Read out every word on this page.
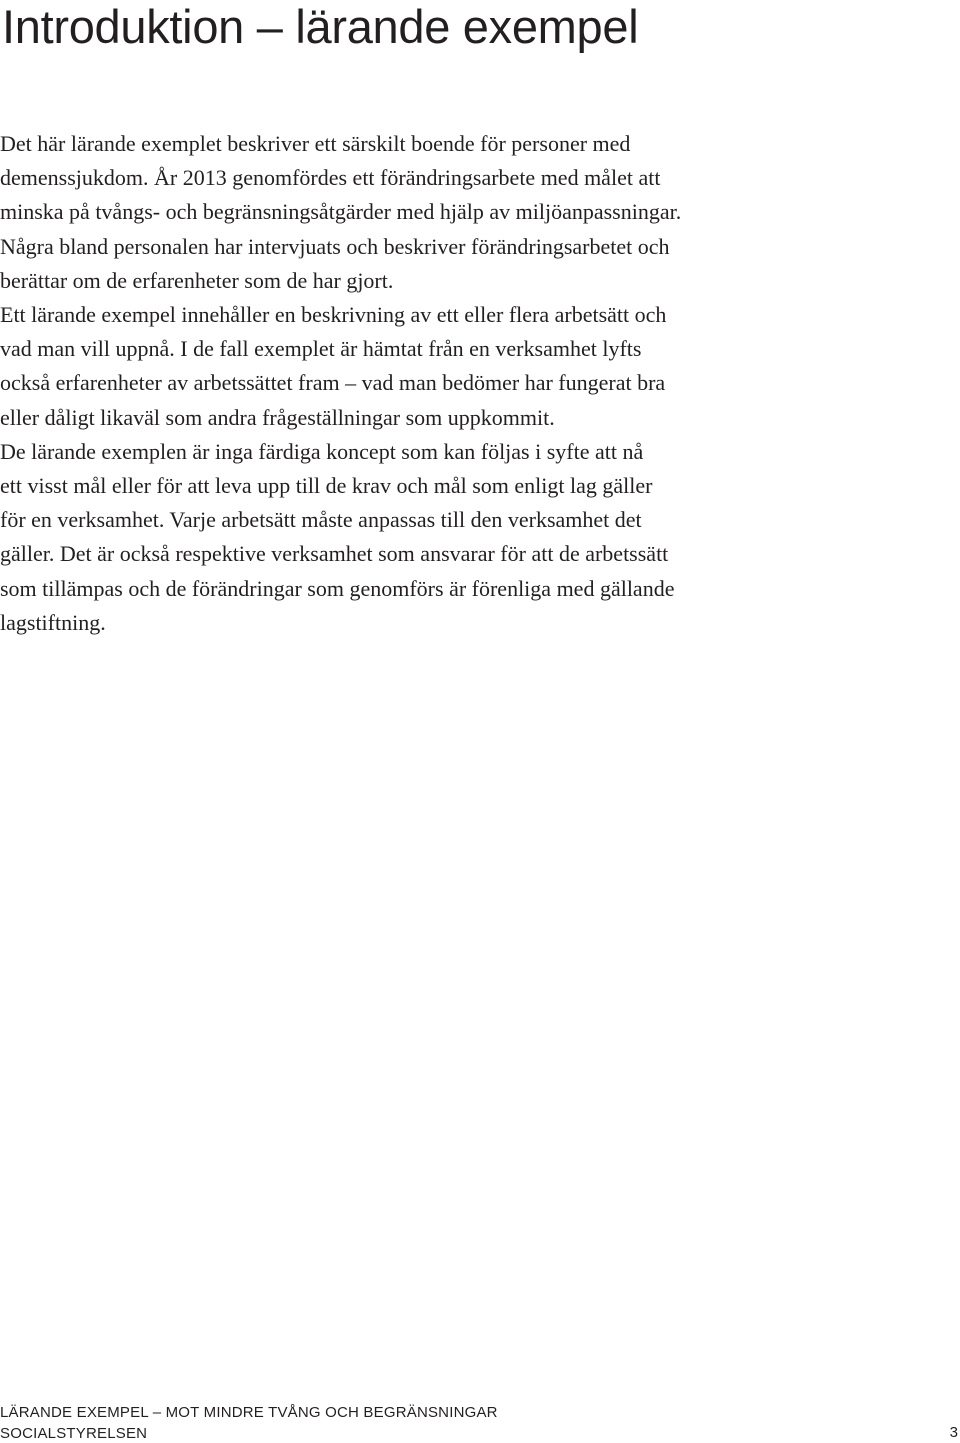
Introduktion – lärande exempel

Det här lärande exemplet beskriver ett särskilt boende för personer med
demenssjukdom. År 2013 genomfördes ett förändringsarbete med målet att
minska på tvångs- och begränsningsåtgärder med hjälp av miljöanpassningar.
Några bland personalen har intervjuats och beskriver förändringsarbetet och
berättar om de erfarenheter som de har gjort.

Ett lärande exempel innehåller en beskrivning av ett eller flera arbetsätt och
vad man vill uppnå. I de fall exemplet är hämtat från en verksamhet lyfts
också erfarenheter av arbetssättet fram – vad man bedömer har fungerat bra
eller dåligt likaväl som andra frågeställningar som uppkommit.

De lärande exemplen är inga färdiga koncept som kan följas i syfte att nå
ett visst mål eller för att leva upp till de krav och mål som enligt lag gäller
för en verksamhet. Varje arbetsätt måste anpassas till den verksamhet det
gäller. Det är också respektive verksamhet som ansvarar för att de arbetssätt
som tillämpas och de förändringar som genomförs är förenliga med gällande
lagstiftning.

LÄRANDE EXEMPEL – MOT MINDRE TVÅNG OCH BEGRÄNSNINGAR
SOCIALSTYRELSEN	3
